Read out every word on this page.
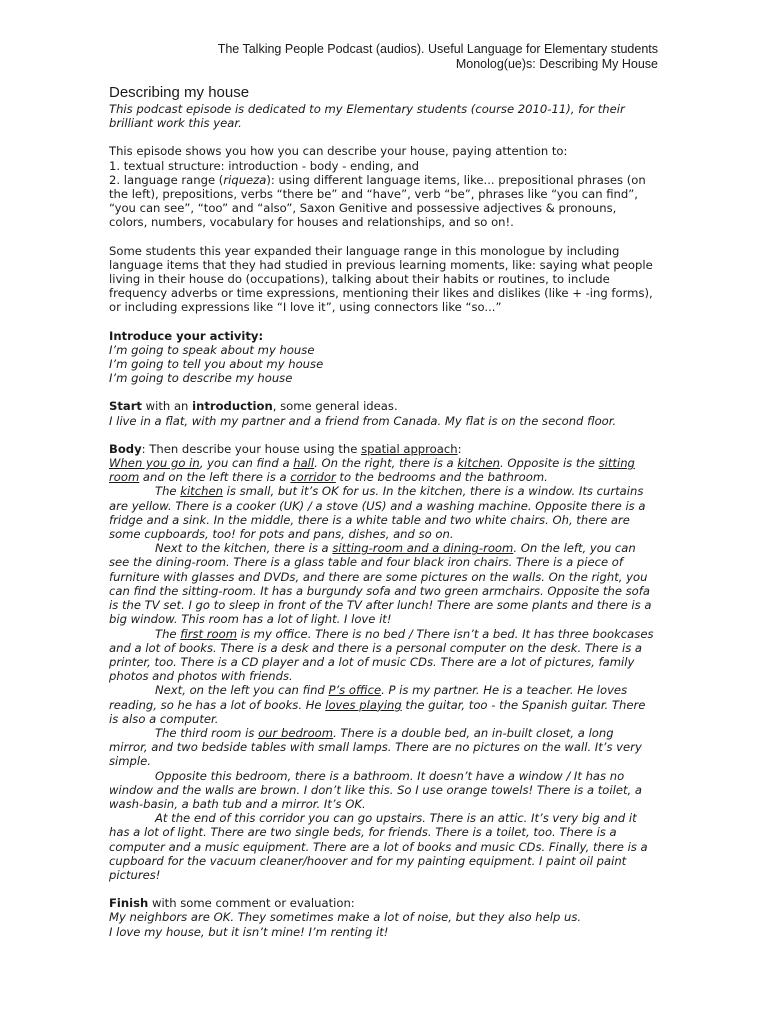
The Talking People Podcast (audios). Useful Language for Elementary students
Monolog(ue)s: Describing My House

Describing my house

This podcast episode is dedicated to my Elementary students (course 2010-11), for their brilliant work this year.

This episode shows you how you can describe your house, paying attention to:

1. textual structure: introduction - body - ending, and

2. language range (riqueza): using different language items, like... prepositional phrases (on the left), prepositions, verbs “there be” and “have”, verb “be”, phrases like “you can find”, “you can see”, “too” and “also”, Saxon Genitive and possessive adjectives & pronouns, colors, numbers, vocabulary for houses and relationships, and so on!.

Some students this year expanded their language range in this monologue by including language items that they had studied in previous learning moments, like: saying what people living in their house do (occupations), talking about their habits or routines, to include frequency adverbs or time expressions, mentioning their likes and dislikes (like + -ing forms), or including expressions like “I love it”, using connectors like “so...”

Introduce your activity:

I’m going to speak about my house

I’m going to tell you about my house

I’m going to describe my house

Start with an introduction, some general ideas.

I live in a flat, with my partner and a friend from Canada. My flat is on the second floor.

Body: Then describe your house using the spatial approach:

When you go in, you can find a hall. On the right, there is a kitchen. Opposite is the sitting room and on the left there is a corridor to the bedrooms and the bathroom.

The kitchen is small, but it’s OK for us. In the kitchen, there is a window. Its curtains are yellow. There is a cooker (UK) / a stove (US) and a washing machine. Opposite there is a fridge and a sink. In the middle, there is a white table and two white chairs. Oh, there are some cupboards, too! for pots and pans, dishes, and so on.

Next to the kitchen, there is a sitting-room and a dining-room. On the left, you can see the dining-room. There is a glass table and four black iron chairs. There is a piece of furniture with glasses and DVDs, and there are some pictures on the walls. On the right, you can find the sitting-room. It has a burgundy sofa and two green armchairs. Opposite the sofa is the TV set. I go to sleep in front of the TV after lunch! There are some plants and there is a big window. This room has a lot of light. I love it!

The first room is my office. There is no bed / There isn’t a bed. It has three bookcases and a lot of books. There is a desk and there is a personal computer on the desk. There is a printer, too. There is a CD player and a lot of music CDs. There are a lot of pictures, family photos and photos with friends.

Next, on the left you can find P’s office. P is my partner. He is a teacher. He loves reading, so he has a lot of books. He loves playing the guitar, too - the Spanish guitar. There is also a computer.

The third room is our bedroom. There is a double bed, an in-built closet, a long mirror, and two bedside tables with small lamps. There are no pictures on the wall. It’s very simple.

Opposite this bedroom, there is a bathroom. It doesn’t have a window / It has no window and the walls are brown. I don’t like this. So I use orange towels! There is a toilet, a wash-basin, a bath tub and a mirror. It’s OK.

At the end of this corridor you can go upstairs. There is an attic. It’s very big and it has a lot of light. There are two single beds, for friends. There is a toilet, too. There is a computer and a music equipment. There are a lot of books and music CDs. Finally, there is a cupboard for the vacuum cleaner/hoover and for my painting equipment. I paint oil paint pictures!

Finish with some comment or evaluation:

My neighbors are OK. They sometimes make a lot of noise, but they also help us.

I love my house, but it isn’t mine! I’m renting it!
